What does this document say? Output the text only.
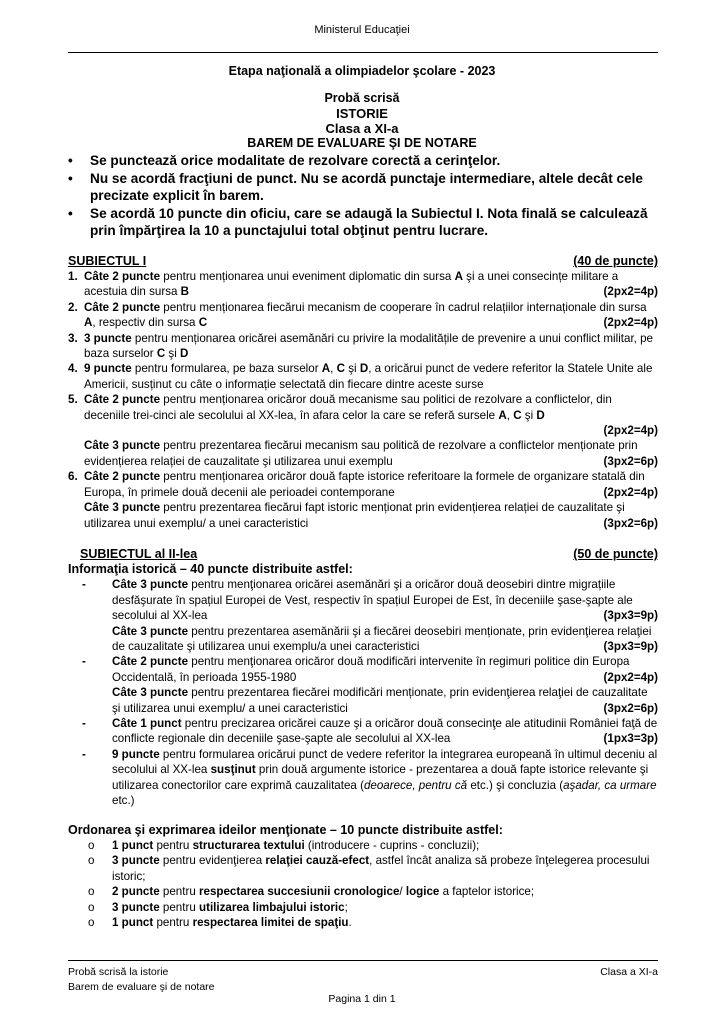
Ministerul Educaţiei
Etapa naţională a olimpiadelor şcolare - 2023
Probă scrisă
ISTORIE
Clasa a XI-a
BAREM DE EVALUARE ŞI DE NOTARE
•	Se punctează orice modalitate de rezolvare corectă a cerinţelor.
•	Nu se acordă fracţiuni de punct. Nu se acordă punctaje intermediare, altele decât cele precizate explicit în barem.
•	Se acordă 10 puncte din oficiu, care se adaugă la Subiectul I. Nota finală se calculează prin împărţirea la 10 a punctajului total obţinut pentru lucrare.
SUBIECTUL I	(40 de puncte)
1. Câte 2 puncte pentru menționarea unui eveniment diplomatic din sursa A şi a unei consecințe militare a acestuia din sursa B	(2px2=4p)
2. Câte 2 puncte pentru menționarea fiecărui mecanism de cooperare în cadrul relațiilor internaționale din sursa A, respectiv din sursa C	(2px2=4p)
3. 3 puncte pentru menționarea oricărei asemănări cu privire la modalitățile de prevenire a unui conflict militar, pe baza surselor C şi D
4. 9 puncte pentru formularea, pe baza surselor A, C şi D, a oricărui punct de vedere referitor la Statele Unite ale Americii, susținut cu câte o informație selectată din fiecare dintre aceste surse
5. Câte 2 puncte pentru menționarea oricăror două mecanisme sau politici de rezolvare a conflictelor, din deceniile trei-cinci ale secolului al XX-lea, în afara celor la care se referă sursele A, C şi D
(2px2=4p)
Câte 3 puncte pentru prezentarea fiecărui mecanism sau politică de rezolvare a conflictelor menționate prin evidențierea relației de cauzalitate şi utilizarea unui exemplu	(3px2=6p)
6. Câte 2 puncte pentru menționarea oricăror două fapte istorice referitoare la formele de organizare statală din Europa, în primele două decenii ale perioadei contemporane	(2px2=4p)
Câte 3 puncte pentru prezentarea fiecărui fapt istoric menționat prin evidențierea relației de cauzalitate şi utilizarea unui exemplu/ a unei caracteristici	(3px2=6p)
SUBIECTUL al II-lea	(50 de puncte)
Informaţia istorică – 40 puncte distribuite astfel:
-	Câte 3 puncte pentru menţionarea oricărei asemănări şi a oricăror două deosebiri dintre migrațiile desfăşurate în spațiul Europei de Vest, respectiv în spațiul Europei de Est, în deceniile şase-şapte ale secolului al XX-lea	(3px3=9p)
Câte 3 puncte pentru prezentarea asemănării şi a fiecărei deosebiri menționate, prin evidenţierea relaţiei de cauzalitate şi utilizarea unui exemplu/a unei caracteristici	(3px3=9p)
-	Câte 2 puncte pentru menţionarea oricăror două modificări intervenite în regimuri politice din Europa Occidentală, în perioada 1955-1980	(2px2=4p)
Câte 3 puncte pentru prezentarea fiecărei modificări menționate, prin evidenţierea relaţiei de cauzalitate şi utilizarea unui exemplu/ a unei caracteristici	(3px2=6p)
-	Câte 1 punct pentru precizarea oricărei cauze şi a oricăror două consecinţe ale atitudinii României faţă de conflicte regionale din deceniile şase-şapte ale secolului al XX-lea	(1px3=3p)
-	9 puncte pentru formularea oricărui punct de vedere referitor la integrarea europeană în ultimul deceniu al secolului al XX-lea susţinut prin două argumente istorice - prezentarea a două fapte istorice relevante şi utilizarea conectorilor care exprimă cauzalitatea (deoarece, pentru că etc.) şi concluzia (aşadar, ca urmare etc.)
Ordonarea şi exprimarea ideilor menţionate – 10 puncte distribuite astfel:
o	1 punct pentru structurarea textului (introducere - cuprins - concluzii);
o	3 puncte pentru evidenţierea relaţiei cauză-efect, astfel încât analiza să probeze înţelegerea procesului istoric;
o	2 puncte pentru respectarea succesiunii cronologice/ logice a faptelor istorice;
o	3 puncte pentru utilizarea limbajului istoric;
o	1 punct pentru respectarea limitei de spaţiu.
Probă scrisă la istorie
Barem de evaluare şi de notare
Clasa a XI-a
Pagina 1 din 1
